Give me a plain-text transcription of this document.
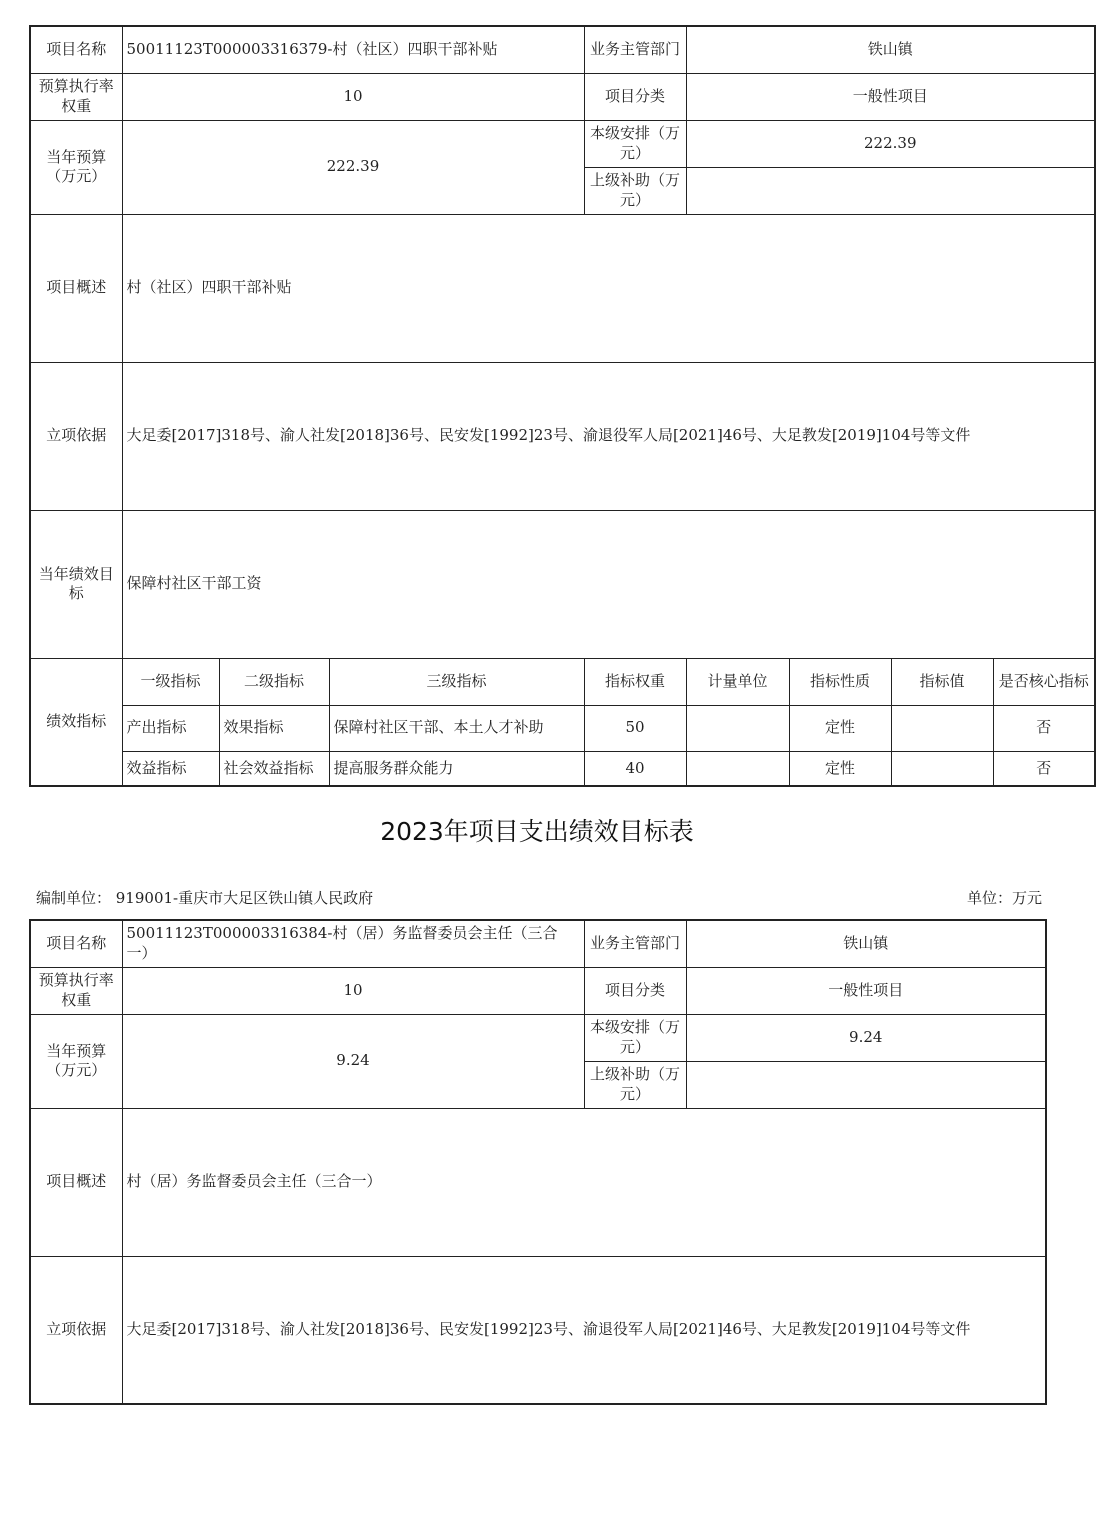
项目名称	50011123T000003316379-村（社区）四职干部补贴			业务主管部门	铁山镇			
预算执行率权重	10			项目分类	一般性项目			
当年预算（万元）	222.39			本级安排（万元）	222.39			
				上级补助（万元）				
项目概述	村（社区）四职干部补贴							
立项依据	大足委[2017]318号、渝人社发[2018]36号、民安发[1992]23号、渝退役军人局[2021]46号、大足教发[2019]104号等文件							
当年绩效目标	保障村社区干部工资							
绩效指标	一级指标	二级指标	三级指标	指标权重	计量单位	指标性质	指标值	是否核心指标
	产出指标	效果指标	保障村社区干部、本土人才补助	50		定性		否
	效益指标	社会效益指标	提高服务群众能力	40		定性		否
2023年项目支出绩效目标表
编制单位： 919001-重庆市大足区铁山镇人民政府	单位：万元
项目名称	50011123T000003316384-村（居）务监督委员会主任（三合一）	业务主管部门	铁山镇
预算执行率权重	10	项目分类	一般性项目
当年预算（万元）	9.24	本级安排（万元）	9.24
		上级补助（万元）	
项目概述	村（居）务监督委员会主任（三合一）		
立项依据	大足委[2017]318号、渝人社发[2018]36号、民安发[1992]23号、渝退役军人局[2021]46号、大足教发[2019]104号等文件		
